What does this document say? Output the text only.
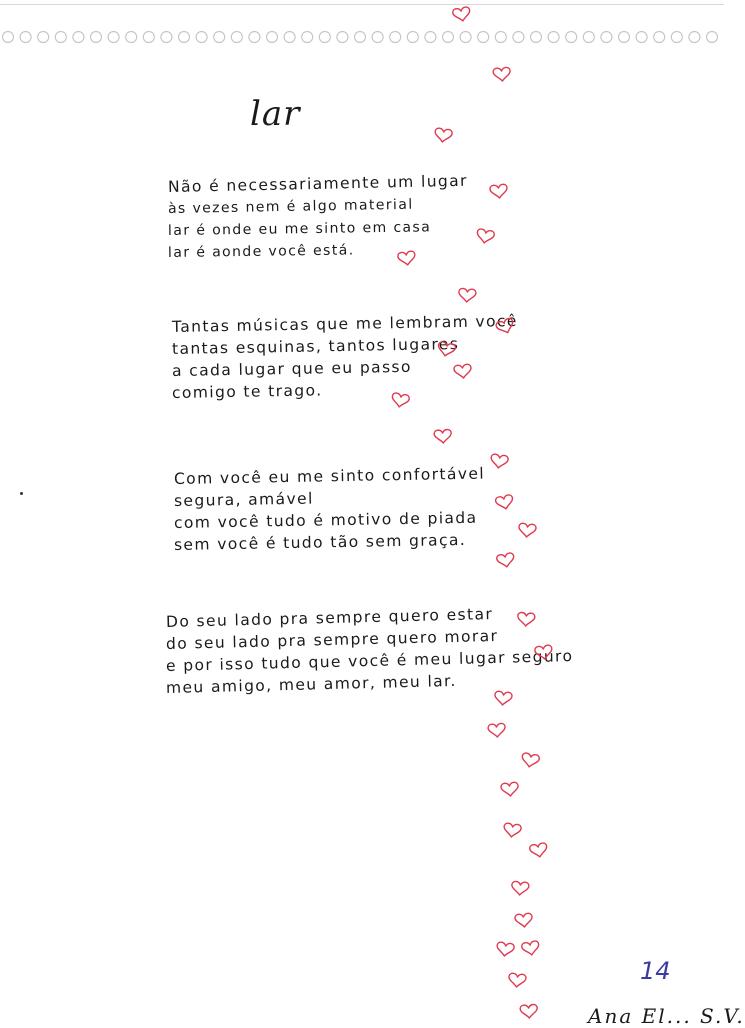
lar
Não é necessariamente um lugar
às vezes nem é algo material
lar é onde eu me sinto em casa
lar é aonde você está.
Tantas músicas que me lembram você
tantas esquinas, tantos lugares
a cada lugar que eu passo
comigo te trago.
Com você eu me sinto confortável
segura, amável
com você tudo é motivo de piada
sem você é tudo tão sem graça.
Do seu lado pra sempre quero estar
do seu lado pra sempre quero morar
e por isso tudo que você é meu lugar seguro
meu amigo, meu amor, meu lar.
14
Ana El... S.V.
